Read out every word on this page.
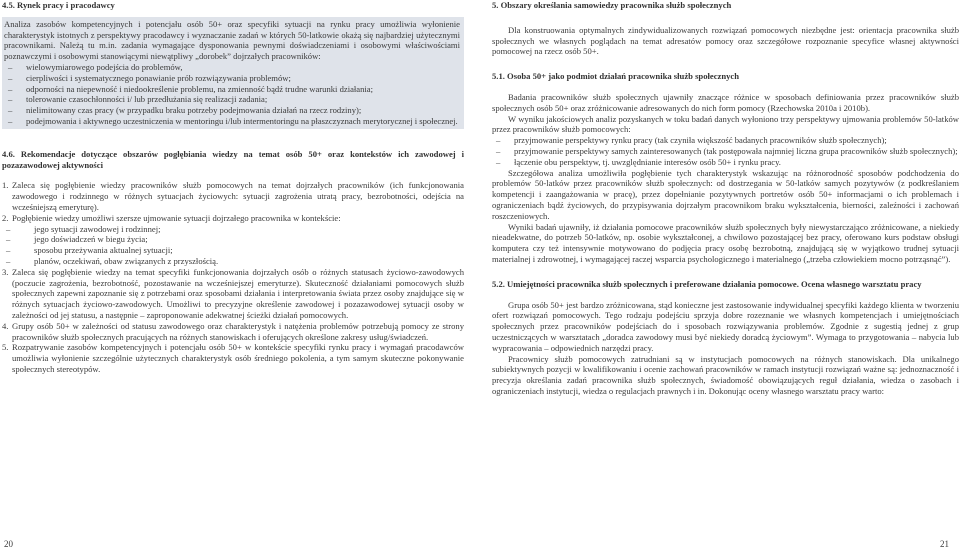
4.5. Rynek pracy i pracodawcy

Analiza zasobów kompetencyjnych i potencjału osób 50+ oraz specyfiki sytuacji na rynku pracy umożliwia wyłonienie charakterystyk istotnych z perspektywy pracodawcy i wyznaczanie zadań w których 50-latkowie okażą się najbardziej użytecznymi pracownikami. Należą tu m.in. zadania wymagające dysponowania pewnymi doświadczeniami i osobowymi właściwościami poznawczymi i osobowymi stanowiącymi niewątpliwy „dorobek” dojrzałych pracowników:

– wielowymiarowego podejścia do problemów,
– cierpliwości i systematycznego ponawianie prób rozwiązywania problemów;
– odporności na niepewność i niedookreślenie problemu, na zmienność bądź trudne warunki działania;
– tolerowanie czasochłonności i/ lub przedłużania się realizacji zadania;
– nielimitowany czas pracy (w przypadku braku potrzeby podejmowania działań na rzecz rodziny);
– podejmowania i aktywnego uczestniczenia w mentoringu i/lub intermentoringu na płaszczyznach merytorycznej i społecznej.

4.6. Rekomendacje dotyczące obszarów pogłębiania wiedzy na temat osób 50+ oraz kontekstów ich zawodowej i pozazawodowej aktywności

1. Zaleca się pogłębienie wiedzy pracowników służb pomocowych na temat dojrzałych pracowników (ich funkcjonowania zawodowego i rodzinnego w różnych sytuacjach życiowych: sytuacji zagrożenia utratą pracy, bezrobotności, odejścia na wcześniejszą emeryturę).
2. Pogłębienie wiedzy umożliwi szersze ujmowanie sytuacji dojrzałego pracownika w kontekście:
– jego sytuacji zawodowej i rodzinnej;
– jego doświadczeń w biegu życia;
– sposobu przeżywania aktualnej sytuacji;
– planów, oczekiwań, obaw związanych z przyszłością.
3. Zaleca się pogłębienie wiedzy na temat specyfiki funkcjonowania dojrzałych osób o różnych statusach życiowo-zawodowych (poczucie zagrożenia, bezrobotność, pozostawanie na wcześniejszej emeryturze). Skuteczność działaniami pomocowych służb społecznych zapewni zapoznanie się z potrzebami oraz sposobami działania i interpretowania świata przez osoby znajdujące się w różnych sytuacjach życiowo-zawodowych. Umożliwi to precyzyjne określenie zawodowej i pozazawodowej sytuacji osoby w zależności od jej statusu, a następnie – zaproponowanie adekwatnej ścieżki działań pomocowych.
4. Grupy osób 50+ w zależności od statusu zawodowego oraz charakterystyk i natężenia problemów potrzebują pomocy ze strony pracowników służb społecznych pracujących na różnych stanowiskach i oferujących określone zakresy usług/świadczeń.
5. Rozpatrywanie zasobów kompetencyjnych i potencjału osób 50+ w kontekście specyfiki rynku pracy i wymagań pracodawców umożliwia wyłonienie szczególnie użytecznych charakterystyk osób średniego pokolenia, a tym samym skuteczne pokonywanie społecznych stereotypów.
20

5. Obszary określania samowiedzy pracownika służb społecznych

Dla konstruowania optymalnych zindywidualizowanych rozwiązań pomocowych niezbędne jest: orientacja pracownika służb społecznych we własnych poglądach na temat adresatów pomocy oraz szczegółowe rozpoznanie specyfice własnej aktywności pomocowej na rzecz osób 50+.

5.1. Osoba 50+ jako podmiot działań pracownika służb społecznych

Badania pracowników służb społecznych ujawniły znaczące różnice w sposobach definiowania przez pracowników służb społecznych osób 50+ oraz zróżnicowanie adresowanych do nich form pomocy (Rzechowska 2010a i 2010b).

W wyniku jakościowych analiz pozyskanych w toku badań danych wyłoniono trzy perspektywy ujmowania problemów 50-latków przez pracowników służb pomocowych:

– przyjmowanie perspektywy rynku pracy (tak czyniła większość badanych pracowników służb społecznych);
– przyjmowanie perspektywy samych zainteresowanych (tak postępowała najmniej liczna grupa pracowników służb społecznych);
– łączenie obu perspektyw, tj. uwzględnianie interesów osób 50+ i rynku pracy.

Szczegółowa analiza umożliwiła pogłębienie tych charakterystyk wskazując na różnorodność sposobów podchodzenia do problemów 50-latków przez pracowników służb społecznych: od dostrzegania w 50-latków samych pozytywów (z podkreślaniem kompetencji i zaangażowania w pracę), przez dopełnianie pozytywnych portretów osób 50+ informacjami o ich problemach i ograniczeniach bądź życiowych, do przypisywania dojrzałym pracownikom braku wykształcenia, bierności, zaleźności i zachowań roszczeniowych.

Wyniki badań ujawniły, iż działania pomocowe pracowników służb społecznych były niewystarczająco zróżnicowane, a niekiedy nieadekwatne, do potrzeb 50-latków, np. osobie wykształconej, a chwilowo pozostającej bez pracy, oferowano kurs podstaw obsługi komputera czy też intensywnie motywowano do podjęcia pracy osobę bezrobotną, znajdującą się w wyjątkowo trudnej sytuacji materialnej i zdrowotnej, i wymagającej raczej wsparcia psychologicznego i materialnego („trzeba człowiekiem mocno potrząsnąć”).

5.2. Umiejętności pracownika służb społecznych i preferowane działania pomocowe. Ocena własnego warsztatu pracy

Grupa osób 50+ jest bardzo zróżnicowana, stąd konieczne jest zastosowanie indywidualnej specyfiki każdego klienta w tworzeniu ofert rozwiązań pomocowych. Tego rodzaju podejściu sprzyja dobre rozeznanie we własnych kompetencjach i umiejętnościach społecznych przez pracowników podejściach do i sposobach rozwiązywania problemów. Zgodnie z sugestią jednej z grup uczestniczących w warsztatach „doradca zawodowy musi być niekiedy doradcą życiowym”. Wymaga to przygotowania – nabycia lub wypracowania – odpowiednich narzędzi pracy.

Pracownicy służb pomocowych zatrudniani są w instytucjach pomocowych na różnych stanowiskach. Dla unikalnego subiektywnych pozycji w kwalifikowaniu i ocenie zachowań pracowników w ramach instytucji rozwiązań ważne są: jednoznaczność i precyzja określania zadań pracownika służb społecznych, świadomość obowiązujących reguł działania, wiedza o zasobach i ograniczeniach instytucji, wiedza o regulacjach prawnych i in. Dokonując oceny własnego warsztatu pracy warto:

21
